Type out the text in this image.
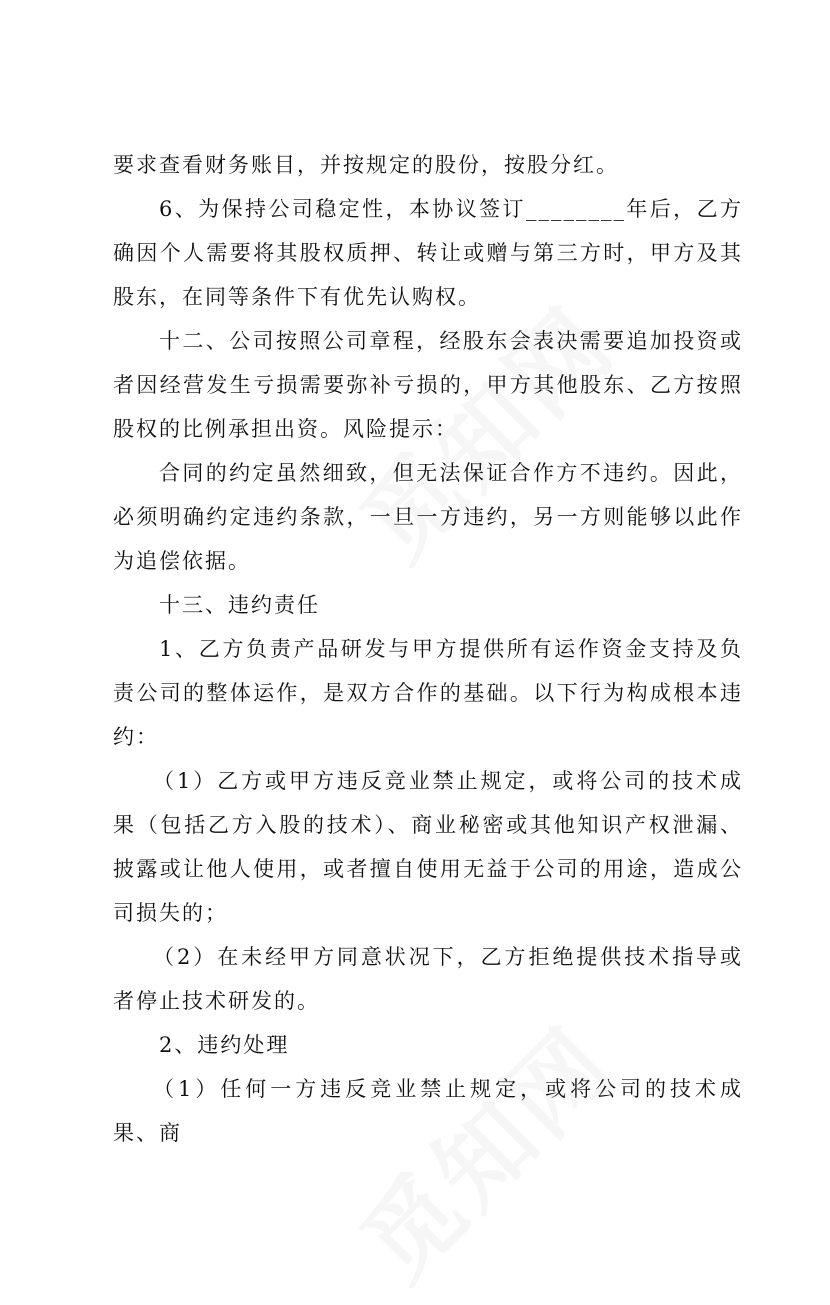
要求查看财务账目，并按规定的股份，按股分红。

6、为保持公司稳定性，本协议签订________年后，乙方确因个人需要将其股权质押、转让或赠与第三方时，甲方及其股东，在同等条件下有优先认购权。

十二、公司按照公司章程，经股东会表决需要追加投资或者因经营发生亏损需要弥补亏损的，甲方其他股东、乙方按照股权的比例承担出资。风险提示：

合同的约定虽然细致，但无法保证合作方不违约。因此，必须明确约定违约条款，一旦一方违约，另一方则能够以此作为追偿依据。

十三、违约责任

1、乙方负责产品研发与甲方提供所有运作资金支持及负责公司的整体运作，是双方合作的基础。以下行为构成根本违约：

（1）乙方或甲方违反竞业禁止规定，或将公司的技术成果（包括乙方入股的技术）、商业秘密或其他知识产权泄漏、披露或让他人使用，或者擅自使用无益于公司的用途，造成公司损失的；

（2）在未经甲方同意状况下，乙方拒绝提供技术指导或者停止技术研发的。

2、违约处理

（1）任何一方违反竞业禁止规定，或将公司的技术成果、商
